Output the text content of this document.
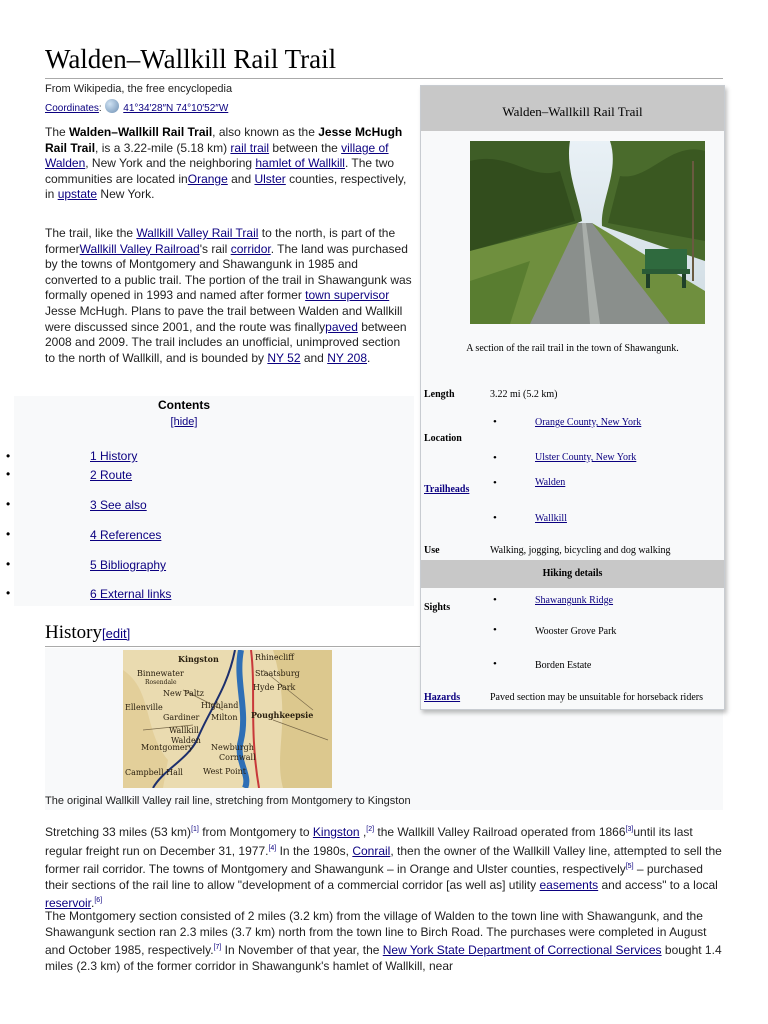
Walden–Wallkill Rail Trail
From Wikipedia, the free encyclopedia
Coordinates: 41°34′28″N 74°10′52″W
The Walden–Wallkill Rail Trail, also known as the Jesse McHugh Rail Trail, is a 3.22-mile (5.18 km) rail trail between the village of Walden, New York and the neighboring hamlet of Wallkill. The two communities are located inOrange and Ulster counties, respectively, in upstate New York.
The trail, like the Wallkill Valley Rail Trail to the north, is part of the formerWallkill Valley Railroad's rail corridor. The land was purchased by the towns of Montgomery and Shawangunk in 1985 and converted to a public trail. The portion of the trail in Shawangunk was formally opened in 1993 and named after former town supervisor Jesse McHugh. Plans to pave the trail between Walden and Wallkill were discussed since 2001, and the route was finallypaved between 2008 and 2009. The trail includes an unofficial, unimproved section to the north of Wallkill, and is bounded by NY 52 and NY 208.
Contents
[hide]
•
•
•
•
•
•
1 History
2 Route
3 See also
4 References
5 Bibliography
6 External links
History[edit]
Kingston	Rhinecliff
Binnewater
Rosendale
New Paltz
Ellenville	Highland
Gardiner Milton
Wallkill
Walden
Montgomery Newburgh
Cornwall
Campbell Hall	West Point
Poughkeepsie
Hyde Park
Staatsburg
The original Wallkill Valley rail line, stretching from Montgomery to Kingston
Stretching 33 miles (53 km)[1] from Montgomery to Kingston ,[2] the Wallkill Valley Railroad operated from 1866[3]until its last regular freight run on December 31, 1977.[4] In the 1980s, Conrail, then the owner of the Wallkill Valley line, attempted to sell the former rail corridor. The towns of Montgomery and Shawangunk – in Orange and Ulster counties, respectively[5] – purchased their sections of the rail line to allow "development of a commercial corridor [as well as] utility easements and access" to a local reservoir.[6]
The Montgomery section consisted of 2 miles (3.2 km) from the village of Walden to the town line with Shawangunk, and the Shawangunk section ran 2.3 miles (3.7 km) north from the town line to Birch Road. The purchases were completed in August and October 1985, respectively.[7] In November of that year, the New York State Department of Correctional Services bought 1.4 miles (2.3 km) of the former corridor in Shawangunk's hamlet of Wallkill, near
Walden–Wallkill Rail Trail
A section of the rail trail in the town of Shawangunk.
Length	3.22 mi (5.2 km)
Location
•	Orange County, New York
•	Ulster County, New York
Trailheads
•	Walden
•	Wallkill
Use	Walking, jogging, bicycling and dog walking
Hiking details
Sights
•	Shawangunk Ridge
•	Wooster Grove Park
•	Borden Estate
Hazards	Paved section may be unsuitable for horseback riders
